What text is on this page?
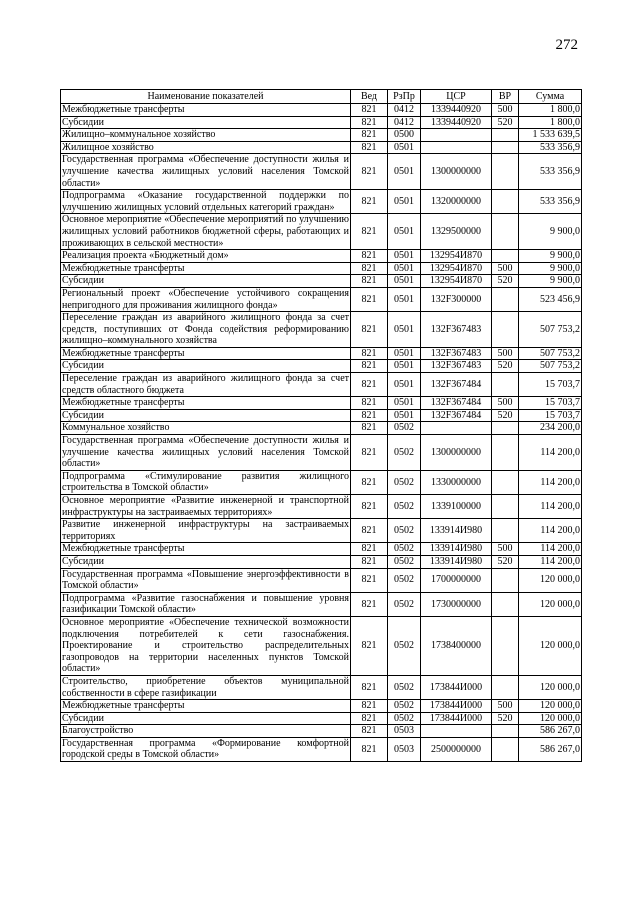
272
Наименование показателей	Вед	РзПр	ЦСР	ВР	Сумма
Межбюджетные трансферты	821	0412	1339440920	500	1 800,0
Субсидии	821	0412	1339440920	520	1 800,0
Жилищно–коммунальное хозяйство	821	0500			1 533 639,5
Жилищное хозяйство	821	0501			533 356,9
Государственная программа «Обеспечение доступности жилья и улучшение качества жилищных условий населения Томской области»	821	0501	1300000000		533 356,9
Подпрограмма «Оказание государственной поддержки по улучшению жилищных условий отдельных категорий граждан»	821	0501	1320000000		533 356,9
Основное мероприятие «Обеспечение мероприятий по улучшению жилищных условий работников бюджетной сферы, работающих и проживающих в сельской местности»	821	0501	1329500000		9 900,0
Реализация проекта «Бюджетный дом»	821	0501	132954И870		9 900,0
Межбюджетные трансферты	821	0501	132954И870	500	9 900,0
Субсидии	821	0501	132954И870	520	9 900,0
Региональный проект «Обеспечение устойчивого сокращения непригодного для проживания жилищного фонда»	821	0501	132F300000		523 456,9
Переселение граждан из аварийного жилищного фонда за счет средств, поступивших от Фонда содействия реформированию жилищно–коммунального хозяйства	821	0501	132F367483		507 753,2
Межбюджетные трансферты	821	0501	132F367483	500	507 753,2
Субсидии	821	0501	132F367483	520	507 753,2
Переселение граждан из аварийного жилищного фонда за счет средств областного бюджета	821	0501	132F367484		15 703,7
Межбюджетные трансферты	821	0501	132F367484	500	15 703,7
Субсидии	821	0501	132F367484	520	15 703,7
Коммунальное хозяйство	821	0502			234 200,0
Государственная программа «Обеспечение доступности жилья и улучшение качества жилищных условий населения Томской области»	821	0502	1300000000		114 200,0
Подпрограмма «Стимулирование развития жилищного строительства в Томской области»	821	0502	1330000000		114 200,0
Основное мероприятие «Развитие инженерной и транспортной инфраструктуры на застраиваемых территориях»	821	0502	1339100000		114 200,0
Развитие инженерной инфраструктуры на застраиваемых территориях	821	0502	133914И980		114 200,0
Межбюджетные трансферты	821	0502	133914И980	500	114 200,0
Субсидии	821	0502	133914И980	520	114 200,0
Государственная программа «Повышение энергоэффективности в Томской области»	821	0502	1700000000		120 000,0
Подпрограмма «Развитие газоснабжения и повышение уровня газификации Томской области»	821	0502	1730000000		120 000,0
Основное мероприятие «Обеспечение технической возможности подключения потребителей к сети газоснабжения. Проектирование и строительство распределительных газопроводов на территории населенных пунктов Томской области»	821	0502	1738400000		120 000,0
Строительство, приобретение объектов муниципальной собственности в сфере газификации	821	0502	173844И000		120 000,0
Межбюджетные трансферты	821	0502	173844И000	500	120 000,0
Субсидии	821	0502	173844И000	520	120 000,0
Благоустройство	821	0503			586 267,0
Государственная программа «Формирование комфортной городской среды в Томской области»	821	0503	2500000000		586 267,0
